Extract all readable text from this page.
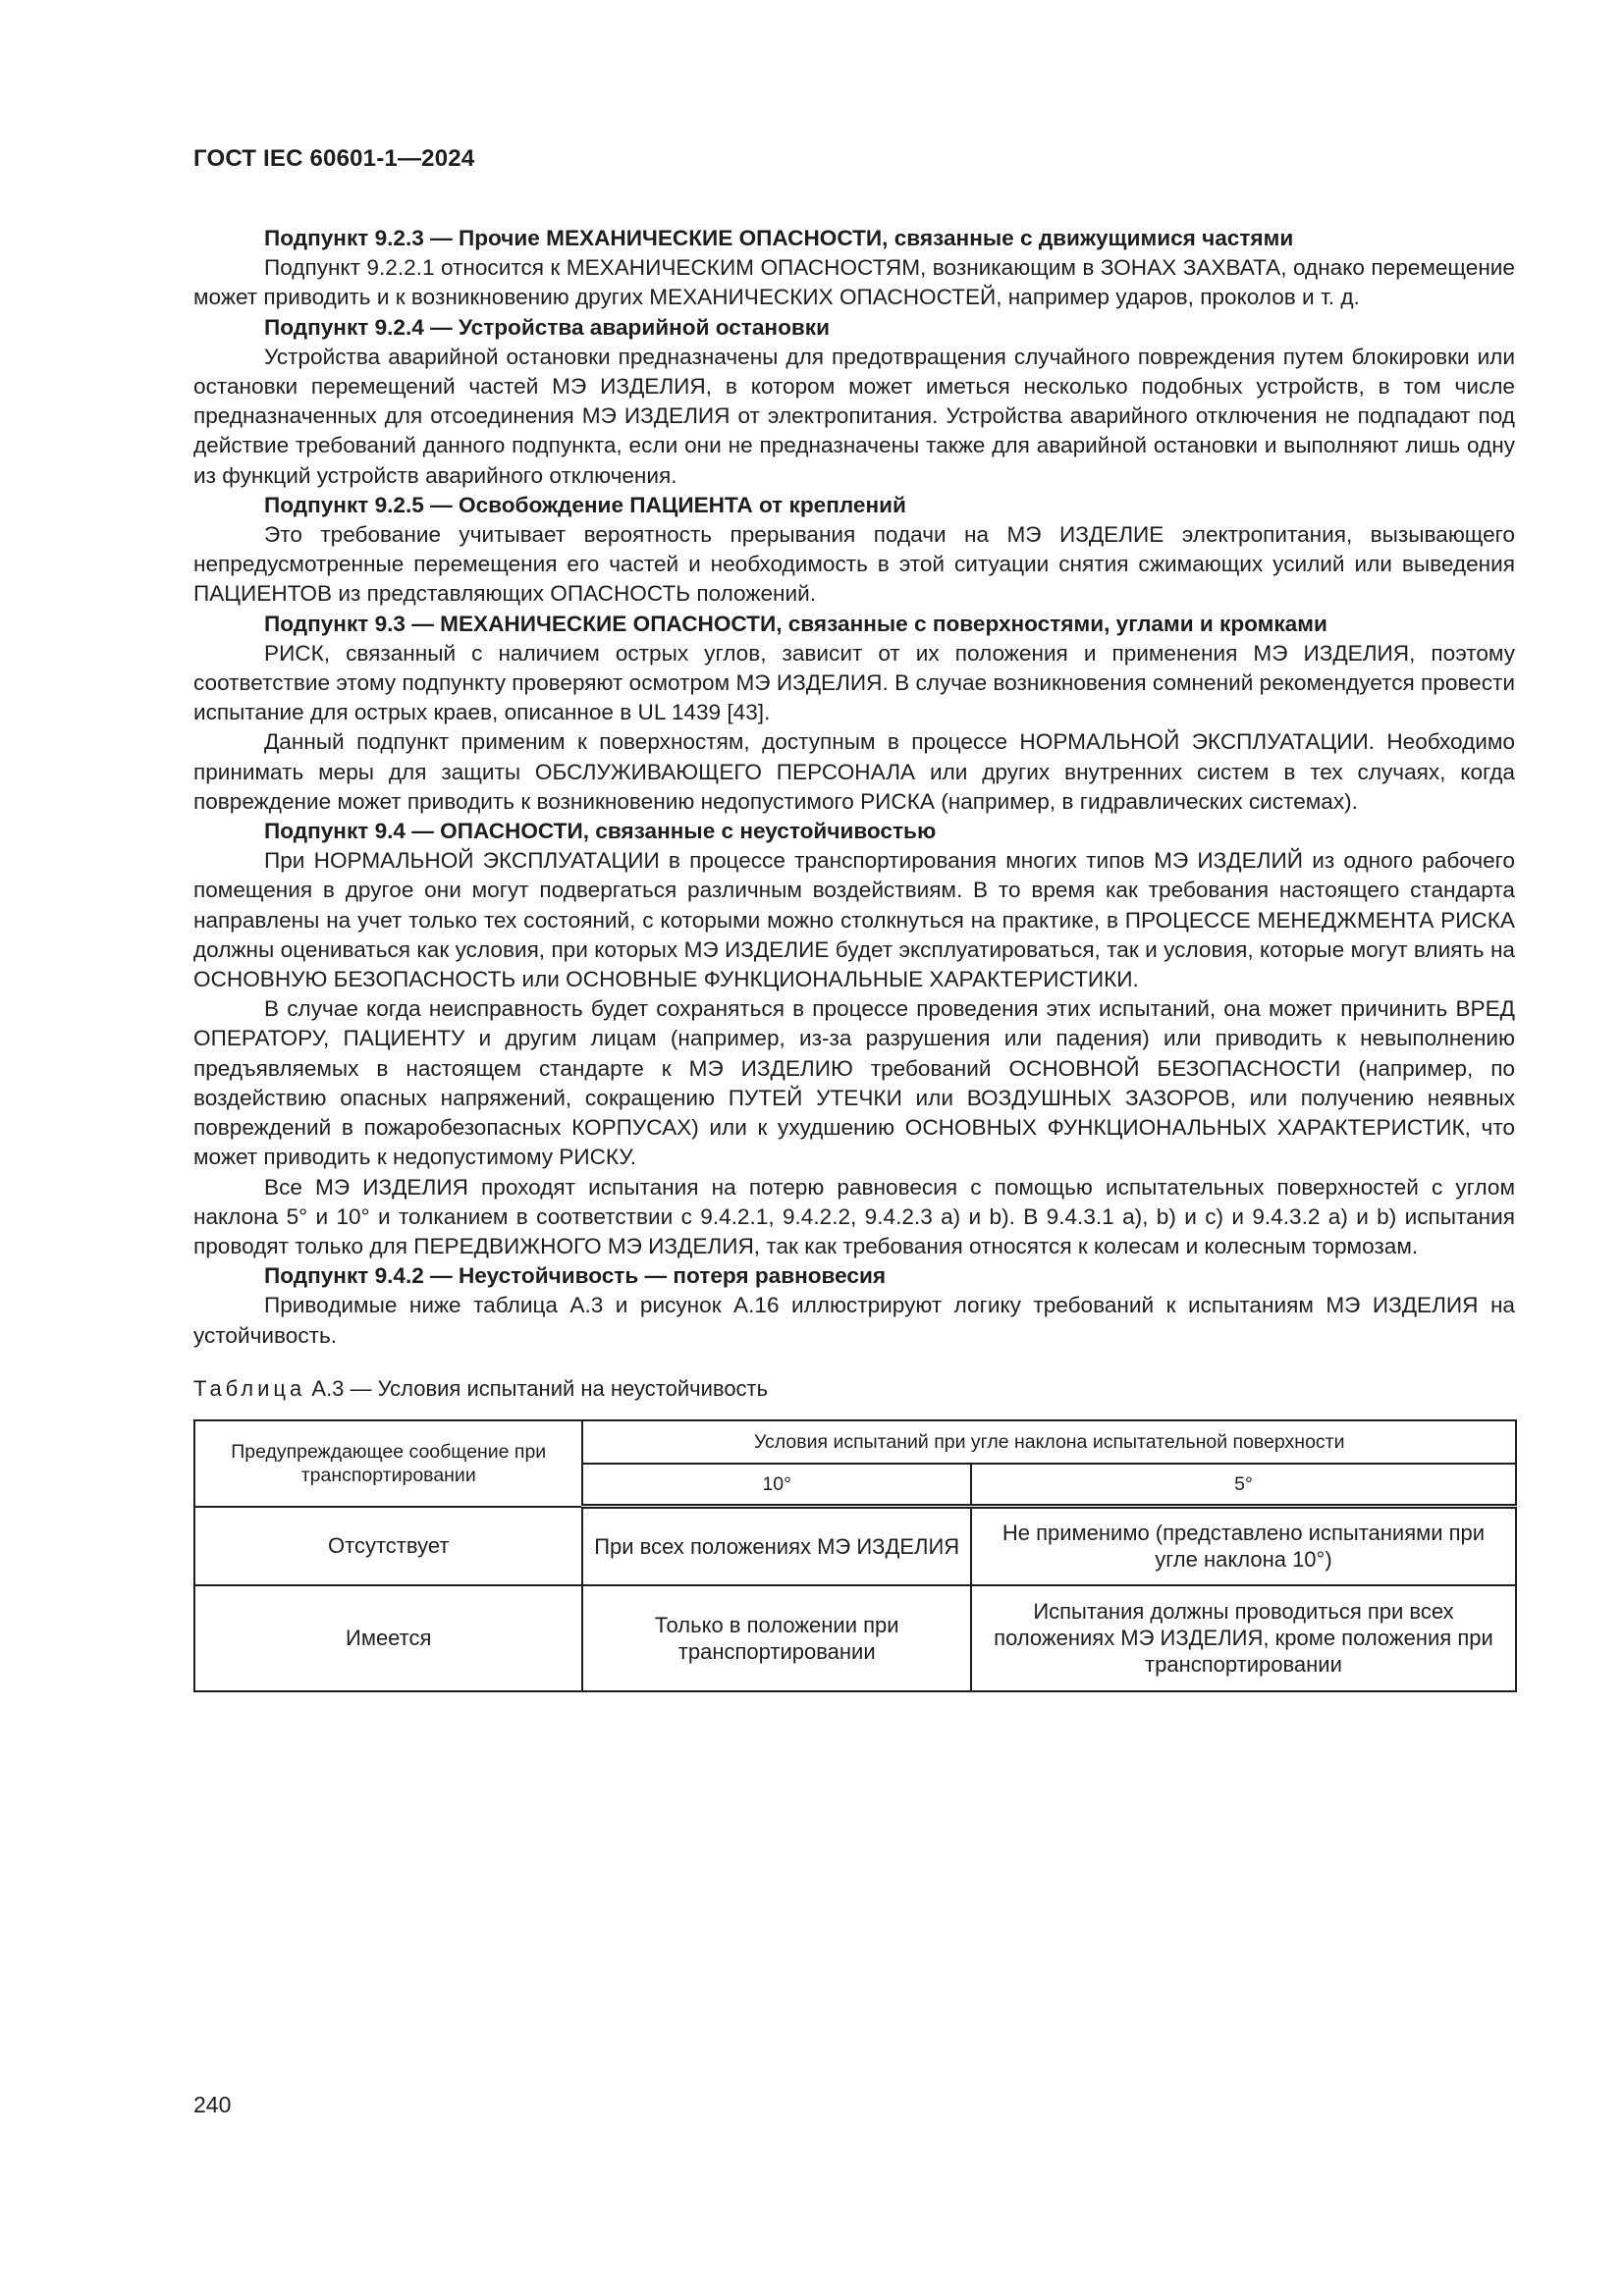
ГОСТ IEC 60601-1—2024

Подпункт 9.2.3 — Прочие МЕХАНИЧЕСКИЕ ОПАСНОСТИ, связанные с движущимися частями

Подпункт 9.2.2.1 относится к МЕХАНИЧЕСКИМ ОПАСНОСТЯМ, возникающим в ЗОНАХ ЗАХВАТА, однако перемещение может приводить и к возникновению других МЕХАНИЧЕСКИХ ОПАСНОСТЕЙ, например ударов, проколов и т. д.

Подпункт 9.2.4 — Устройства аварийной остановки

Устройства аварийной остановки предназначены для предотвращения случайного повреждения путем блокировки или остановки перемещений частей МЭ ИЗДЕЛИЯ, в котором может иметься несколько подобных устройств, в том числе предназначенных для отсоединения МЭ ИЗДЕЛИЯ от электропитания. Устройства аварийного отключения не подпадают под действие требований данного подпункта, если они не предназначены также для аварийной остановки и выполняют лишь одну из функций устройств аварийного отключения.

Подпункт 9.2.5 — Освобождение ПАЦИЕНТА от креплений

Это требование учитывает вероятность прерывания подачи на МЭ ИЗДЕЛИЕ электропитания, вызывающего непредусмотренные перемещения его частей и необходимость в этой ситуации снятия сжимающих усилий или выведения ПАЦИЕНТОВ из представляющих ОПАСНОСТЬ положений.

Подпункт 9.3 — МЕХАНИЧЕСКИЕ ОПАСНОСТИ, связанные с поверхностями, углами и кромками

РИСК, связанный с наличием острых углов, зависит от их положения и применения МЭ ИЗДЕЛИЯ, поэтому соответствие этому подпункту проверяют осмотром МЭ ИЗДЕЛИЯ. В случае возникновения сомнений рекомендуется провести испытание для острых краев, описанное в UL 1439 [43].

Данный подпункт применим к поверхностям, доступным в процессе НОРМАЛЬНОЙ ЭКСПЛУАТАЦИИ. Необходимо принимать меры для защиты ОБСЛУЖИВАЮЩЕГО ПЕРСОНАЛА или других внутренних систем в тех случаях, когда повреждение может приводить к возникновению недопустимого РИСКА (например, в гидравлических системах).

Подпункт 9.4 — ОПАСНОСТИ, связанные с неустойчивостью

При НОРМАЛЬНОЙ ЭКСПЛУАТАЦИИ в процессе транспортирования многих типов МЭ ИЗДЕЛИЙ из одного рабочего помещения в другое они могут подвергаться различным воздействиям. В то время как требования настоящего стандарта направлены на учет только тех состояний, с которыми можно столкнуться на практике, в ПРОЦЕССЕ МЕНЕДЖМЕНТА РИСКА должны оцениваться как условия, при которых МЭ ИЗДЕЛИЕ будет эксплуатироваться, так и условия, которые могут влиять на ОСНОВНУЮ БЕЗОПАСНОСТЬ или ОСНОВНЫЕ ФУНКЦИОНАЛЬНЫЕ ХАРАКТЕРИСТИКИ.

В случае когда неисправность будет сохраняться в процессе проведения этих испытаний, она может причинить ВРЕД ОПЕРАТОРУ, ПАЦИЕНТУ и другим лицам (например, из-за разрушения или падения) или приводить к невыполнению предъявляемых в настоящем стандарте к МЭ ИЗДЕЛИЮ требований ОСНОВНОЙ БЕЗОПАСНОСТИ (например, по воздействию опасных напряжений, сокращению ПУТЕЙ УТЕЧКИ или ВОЗДУШНЫХ ЗАЗОРОВ, или получению неявных повреждений в пожаробезопасных КОРПУСАХ) или к ухудшению ОСНОВНЫХ ФУНКЦИОНАЛЬНЫХ ХАРАКТЕРИСТИК, что может приводить к недопустимому РИСКУ.

Все МЭ ИЗДЕЛИЯ проходят испытания на потерю равновесия с помощью испытательных поверхностей с углом наклона 5° и 10° и толканием в соответствии с 9.4.2.1, 9.4.2.2, 9.4.2.3 a) и b). В 9.4.3.1 a), b) и c) и 9.4.3.2 a) и b) испытания проводят только для ПЕРЕДВИЖНОГО МЭ ИЗДЕЛИЯ, так как требования относятся к колесам и колесным тормозам.

Подпункт 9.4.2 — Неустойчивость — потеря равновесия

Приводимые ниже таблица А.3 и рисунок А.16 иллюстрируют логику требований к испытаниям МЭ ИЗДЕЛИЯ на устойчивость.

Таблица А.3 — Условия испытаний на неустойчивость
Предупреждающее сообщение при транспортировании	Условия испытаний при угле наклона испытательной поверхности	
	10°	5°
Отсутствует	При всех положениях МЭ ИЗДЕЛИЯ	Не применимо (представлено испытаниями при угле наклона 10°)
Имеется	Только в положении при транспортировании	Испытания должны проводиться при всех положениях МЭ ИЗДЕЛИЯ, кроме положения при транспортировании
240
